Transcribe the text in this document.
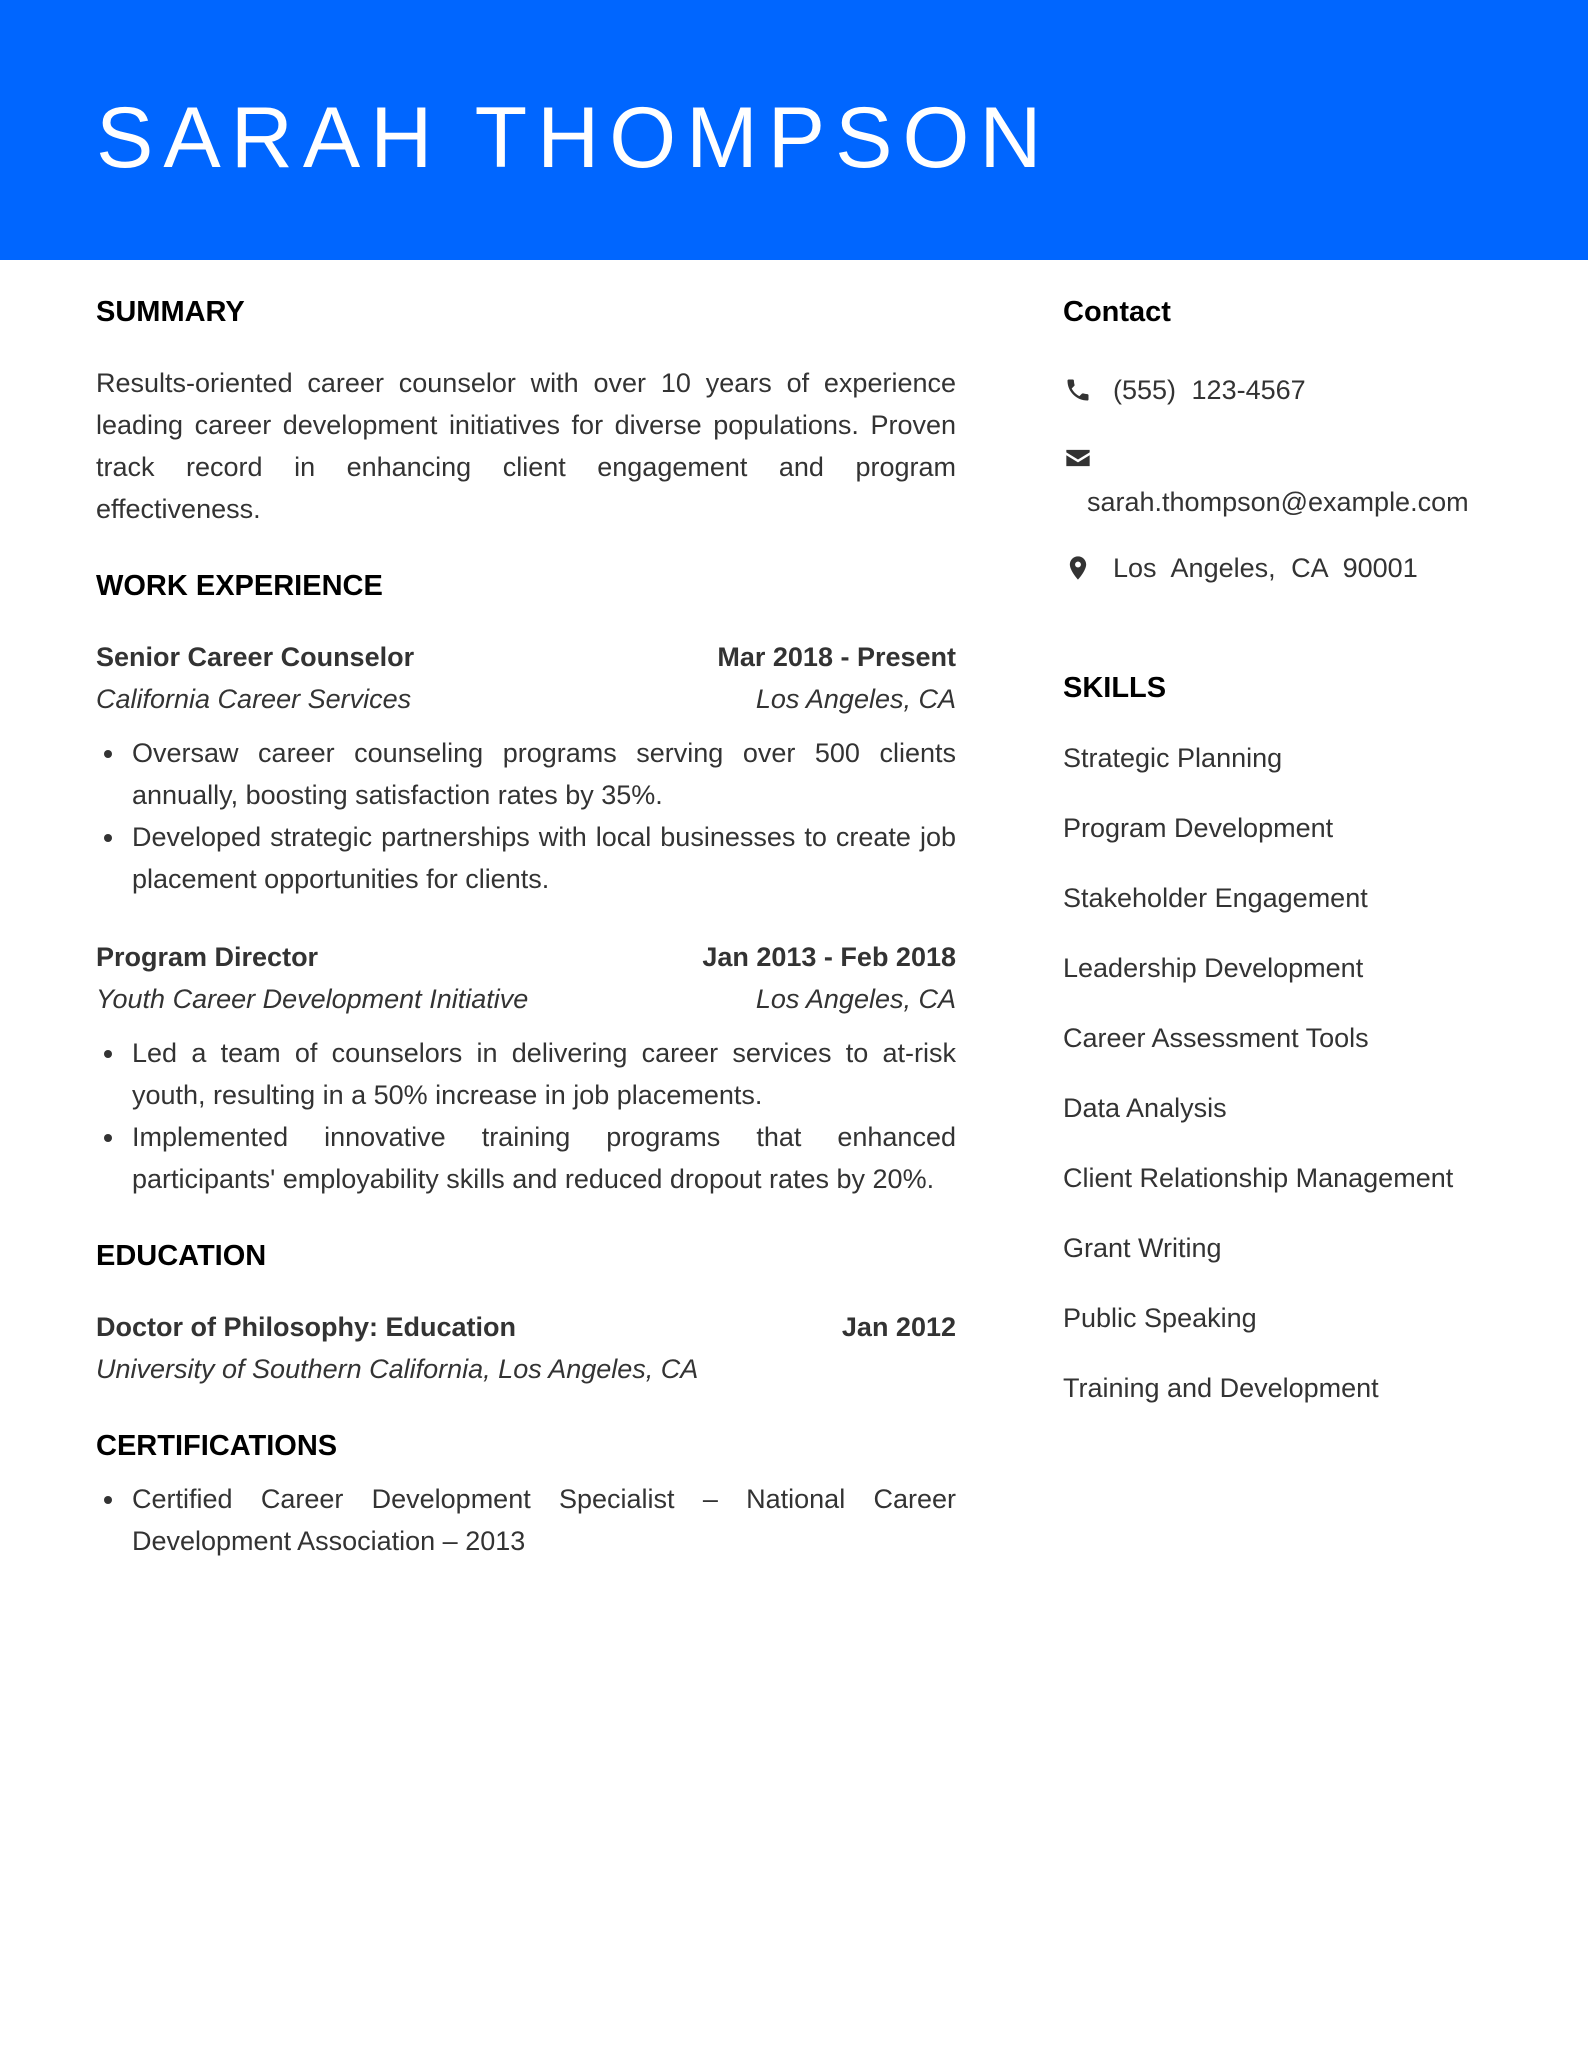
SARAH THOMPSON
SUMMARY

Results-oriented career counselor with over 10 years of experience leading career development initiatives for diverse populations. Proven track record in enhancing client engagement and program effectiveness.

WORK EXPERIENCE
Senior Career Counselor	Mar 2018 - Present
California Career Services	Los Angeles, CA
Oversaw career counseling programs serving over 500 clients annually, boosting satisfaction rates by 35%.
Developed strategic partnerships with local businesses to create job placement opportunities for clients.
Program Director	Jan 2013 - Feb 2018
Youth Career Development Initiative	Los Angeles, CA
Led a team of counselors in delivering career services to at-risk youth, resulting in a 50% increase in job placements.
Implemented innovative training programs that enhanced participants' employability skills and reduced dropout rates by 20%.
EDUCATION
Doctor of Philosophy: Education	Jan 2012
University of Southern California, Los Angeles, CA
CERTIFICATIONS
Certified Career Development Specialist – National Career Development Association – 2013
Contact
(555) 123-4567
sarah.thompson@example.com
Los Angeles, CA 90001
SKILLS
Strategic Planning
Program Development
Stakeholder Engagement
Leadership Development
Career Assessment Tools
Data Analysis
Client Relationship Management
Grant Writing
Public Speaking
Training and Development
